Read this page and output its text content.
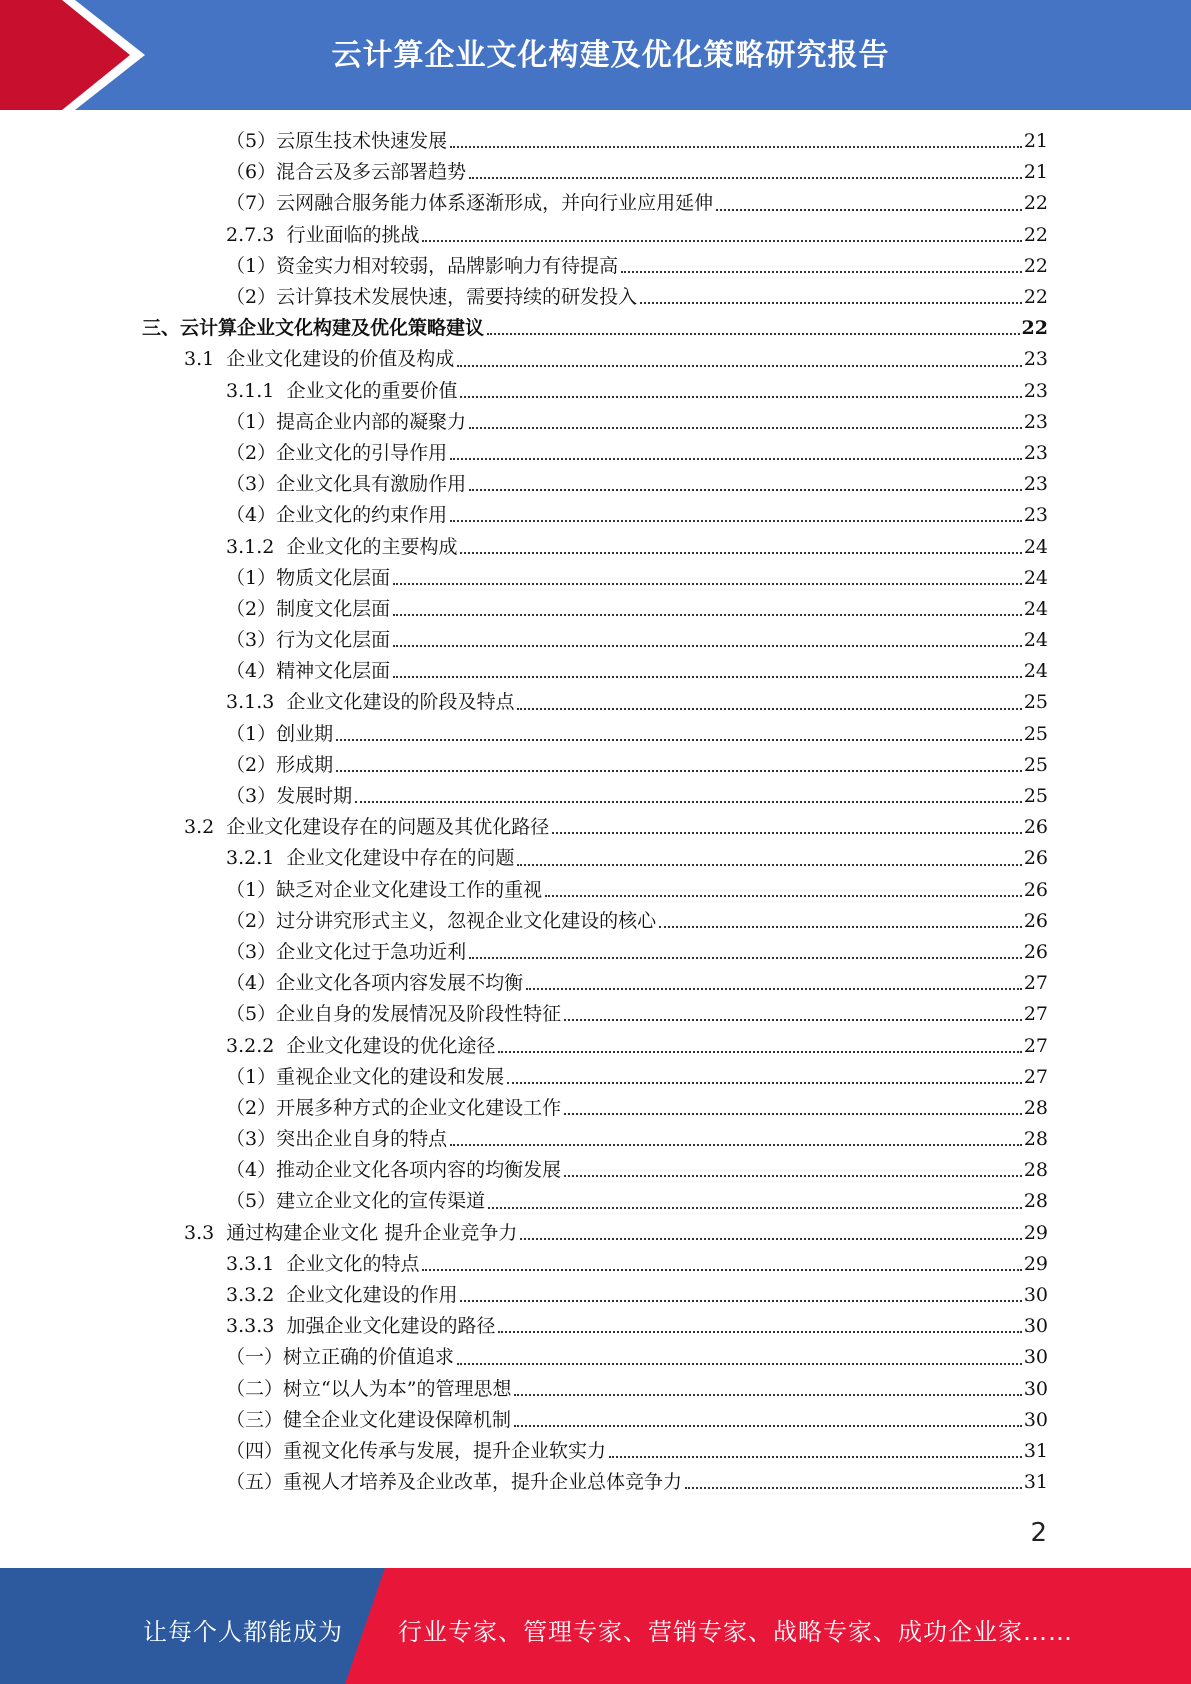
云计算企业文化构建及优化策略研究报告
（5） 云原生技术快速发展	21
（6） 混合云及多云部署趋势	21
（7） 云网融合服务能力体系逐渐形成，并向行业应用延伸	22
2.7.3 行业面临的挑战	22
（1） 资金实力相对较弱，品牌影响力有待提高	22
（2） 云计算技术发展快速，需要持续的研发投入	22
三、 云计算企业文化构建及优化策略建议	22
3.1 企业文化建设的价值及构成	23
3.1.1 企业文化的重要价值	23
（1） 提高企业内部的凝聚力	23
（2） 企业文化的引导作用	23
（3） 企业文化具有激励作用	23
（4） 企业文化的约束作用	23
3.1.2 企业文化的主要构成	24
（1） 物质文化层面	24
（2） 制度文化层面	24
（3） 行为文化层面	24
（4） 精神文化层面	24
3.1.3 企业文化建设的阶段及特点	25
（1） 创业期	25
（2） 形成期	25
（3） 发展时期	25
3.2 企业文化建设存在的问题及其优化路径	26
3.2.1 企业文化建设中存在的问题	26
（1） 缺乏对企业文化建设工作的重视	26
（2） 过分讲究形式主义，忽视企业文化建设的核心	26
（3） 企业文化过于急功近利	26
（4） 企业文化各项内容发展不均衡	27
（5） 企业自身的发展情况及阶段性特征	27
3.2.2 企业文化建设的优化途径	27
（1） 重视企业文化的建设和发展	27
（2） 开展多种方式的企业文化建设工作	28
（3） 突出企业自身的特点	28
（4） 推动企业文化各项内容的均衡发展	28
（5） 建立企业文化的宣传渠道	28
3.3 通过构建企业文化 提升企业竞争力	29
3.3.1 企业文化的特点	29
3.3.2 企业文化建设的作用	30
3.3.3 加强企业文化建设的路径	30
（一） 树立正确的价值追求	30
（二） 树立“以人为本”的管理思想	30
（三） 健全企业文化建设保障机制	30
（四） 重视文化传承与发展，提升企业软实力	31
（五） 重视人才培养及企业改革，提升企业总体竞争力	31
2
让每个人都能成为 行业专家、管理专家、营销专家、战略专家、成功企业家……
